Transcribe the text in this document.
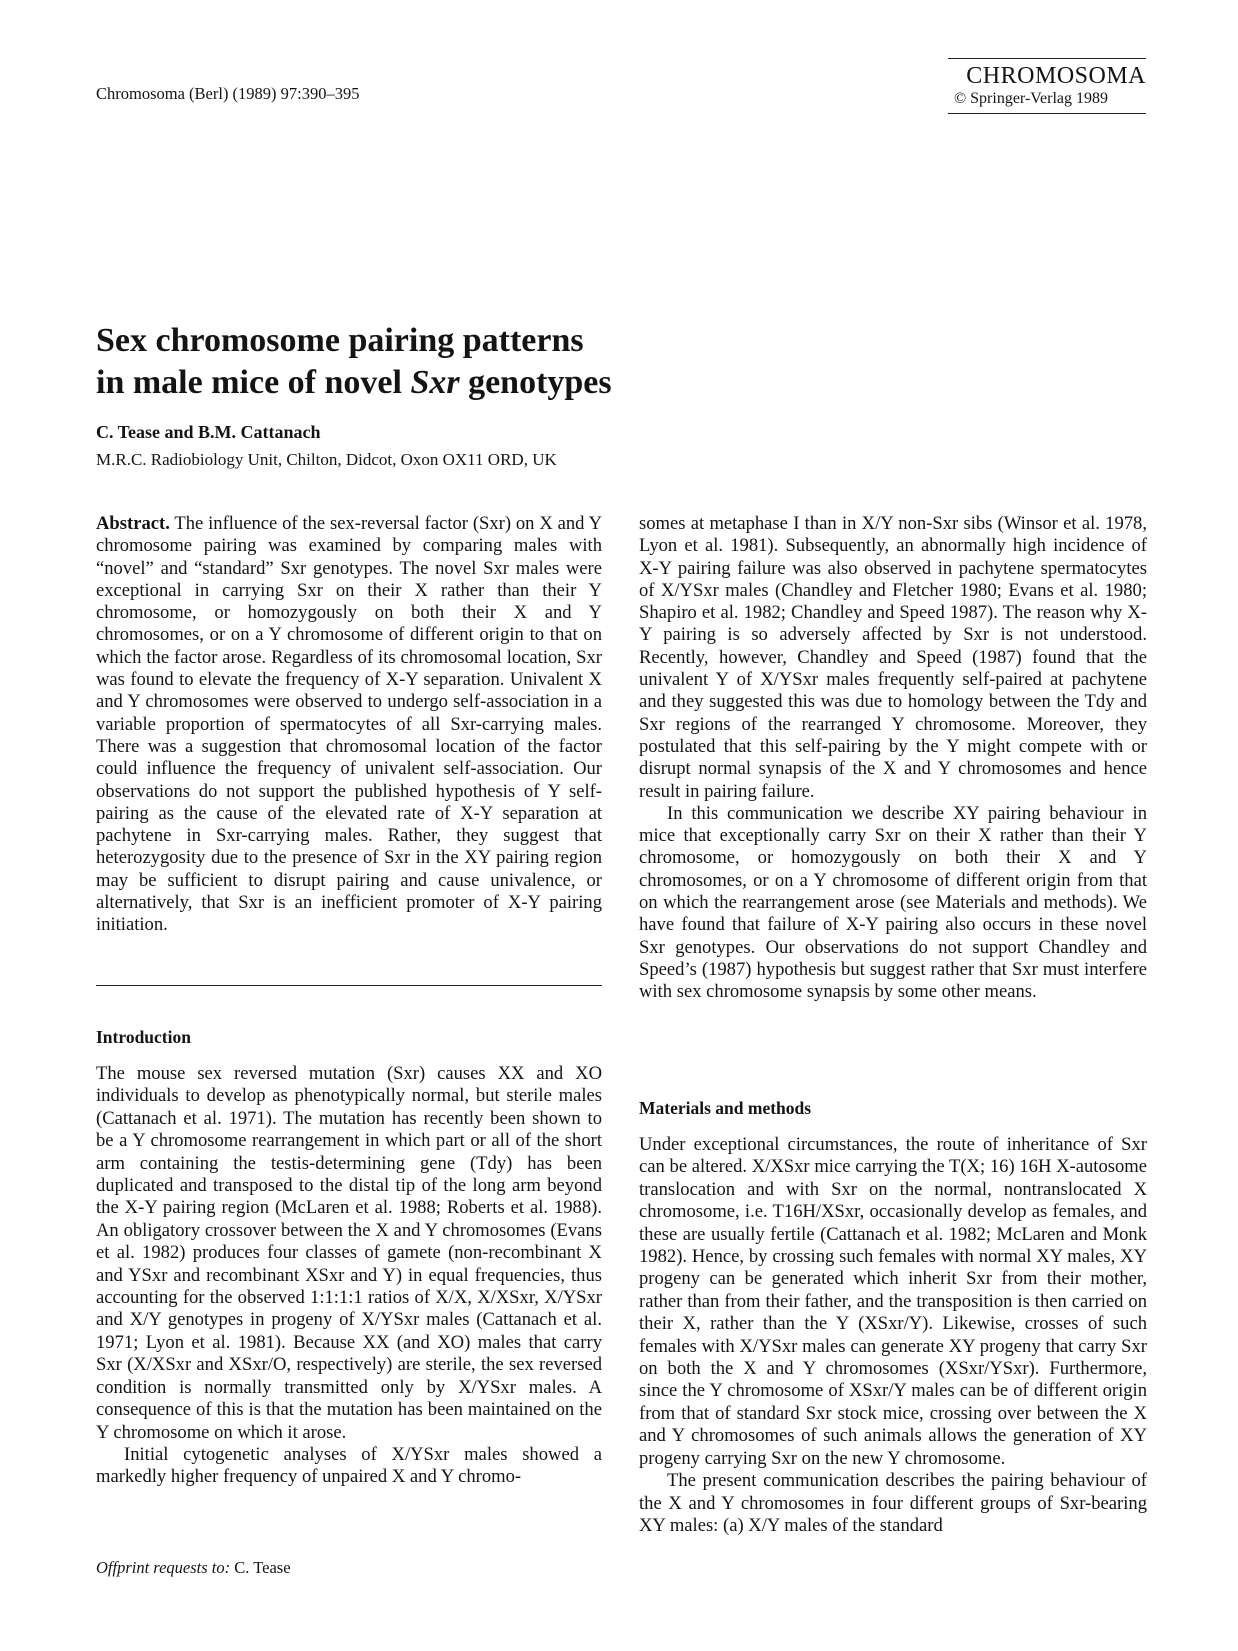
Chromosoma (Berl) (1989) 97:390–395
CHROMOSOMA
© Springer-Verlag 1989
Sex chromosome pairing patterns
in male mice of novel Sxr genotypes
C. Tease and B.M. Cattanach
M.R.C. Radiobiology Unit, Chilton, Didcot, Oxon OX11 ORD, UK

Abstract. The influence of the sex-reversal factor (Sxr) on X and Y chromosome pairing was examined by comparing males with “novel” and “standard” Sxr genotypes. The novel Sxr males were exceptional in carrying Sxr on their X rather than their Y chromosome, or homozygously on both their X and Y chromosomes, or on a Y chromosome of different origin to that on which the factor arose. Regardless of its chromosomal location, Sxr was found to elevate the frequency of X-Y separation. Univalent X and Y chromosomes were observed to undergo self-association in a variable proportion of spermatocytes of all Sxr-carrying males. There was a suggestion that chromosomal location of the factor could influence the frequency of univalent self-association. Our observations do not support the published hypothesis of Y self-pairing as the cause of the elevated rate of X-Y separation at pachytene in Sxr-carrying males. Rather, they suggest that heterozygosity due to the presence of Sxr in the XY pairing region may be sufficient to disrupt pairing and cause univalence, or alternatively, that Sxr is an inefficient promoter of X-Y pairing initiation.

Introduction

The mouse sex reversed mutation (Sxr) causes XX and XO individuals to develop as phenotypically normal, but sterile males (Cattanach et al. 1971). The mutation has recently been shown to be a Y chromosome rearrangement in which part or all of the short arm containing the testis-determining gene (Tdy) has been duplicated and transposed to the distal tip of the long arm beyond the X-Y pairing region (McLaren et al. 1988; Roberts et al. 1988). An obligatory crossover between the X and Y chromosomes (Evans et al. 1982) produces four classes of gamete (non-recombinant X and YSxr and recombinant XSxr and Y) in equal frequencies, thus accounting for the observed 1:1:1:1 ratios of X/X, X/XSxr, X/YSxr and X/Y genotypes in progeny of X/YSxr males (Cattanach et al. 1971; Lyon et al. 1981). Because XX (and XO) males that carry Sxr (X/XSxr and XSxr/O, respectively) are sterile, the sex reversed condition is normally transmitted only by X/YSxr males. A consequence of this is that the mutation has been maintained on the Y chromosome on which it arose.

Initial cytogenetic analyses of X/YSxr males showed a markedly higher frequency of unpaired X and Y chromo-

Offprint requests to: C. Tease

somes at metaphase I than in X/Y non-Sxr sibs (Winsor et al. 1978, Lyon et al. 1981). Subsequently, an abnormally high incidence of X-Y pairing failure was also observed in pachytene spermatocytes of X/YSxr males (Chandley and Fletcher 1980; Evans et al. 1980; Shapiro et al. 1982; Chandley and Speed 1987). The reason why X-Y pairing is so adversely affected by Sxr is not understood. Recently, however, Chandley and Speed (1987) found that the univalent Y of X/YSxr males frequently self-paired at pachytene and they suggested this was due to homology between the Tdy and Sxr regions of the rearranged Y chromosome. Moreover, they postulated that this self-pairing by the Y might compete with or disrupt normal synapsis of the X and Y chromosomes and hence result in pairing failure.

In this communication we describe XY pairing behaviour in mice that exceptionally carry Sxr on their X rather than their Y chromosome, or homozygously on both their X and Y chromosomes, or on a Y chromosome of different origin from that on which the rearrangement arose (see Materials and methods). We have found that failure of X-Y pairing also occurs in these novel Sxr genotypes. Our observations do not support Chandley and Speed’s (1987) hypothesis but suggest rather that Sxr must interfere with sex chromosome synapsis by some other means.

Materials and methods

Under exceptional circumstances, the route of inheritance of Sxr can be altered. X/XSxr mice carrying the T(X; 16) 16H X-autosome translocation and with Sxr on the normal, nontranslocated X chromosome, i.e. T16H/XSxr, occasionally develop as females, and these are usually fertile (Cattanach et al. 1982; McLaren and Monk 1982). Hence, by crossing such females with normal XY males, XY progeny can be generated which inherit Sxr from their mother, rather than from their father, and the transposition is then carried on their X, rather than the Y (XSxr/Y). Likewise, crosses of such females with X/YSxr males can generate XY progeny that carry Sxr on both the X and Y chromosomes (XSxr/YSxr). Furthermore, since the Y chromosome of XSxr/Y males can be of different origin from that of standard Sxr stock mice, crossing over between the X and Y chromosomes of such animals allows the generation of XY progeny carrying Sxr on the new Y chromosome.

The present communication describes the pairing behaviour of the X and Y chromosomes in four different groups of Sxr-bearing XY males: (a) X/Y males of the standard
